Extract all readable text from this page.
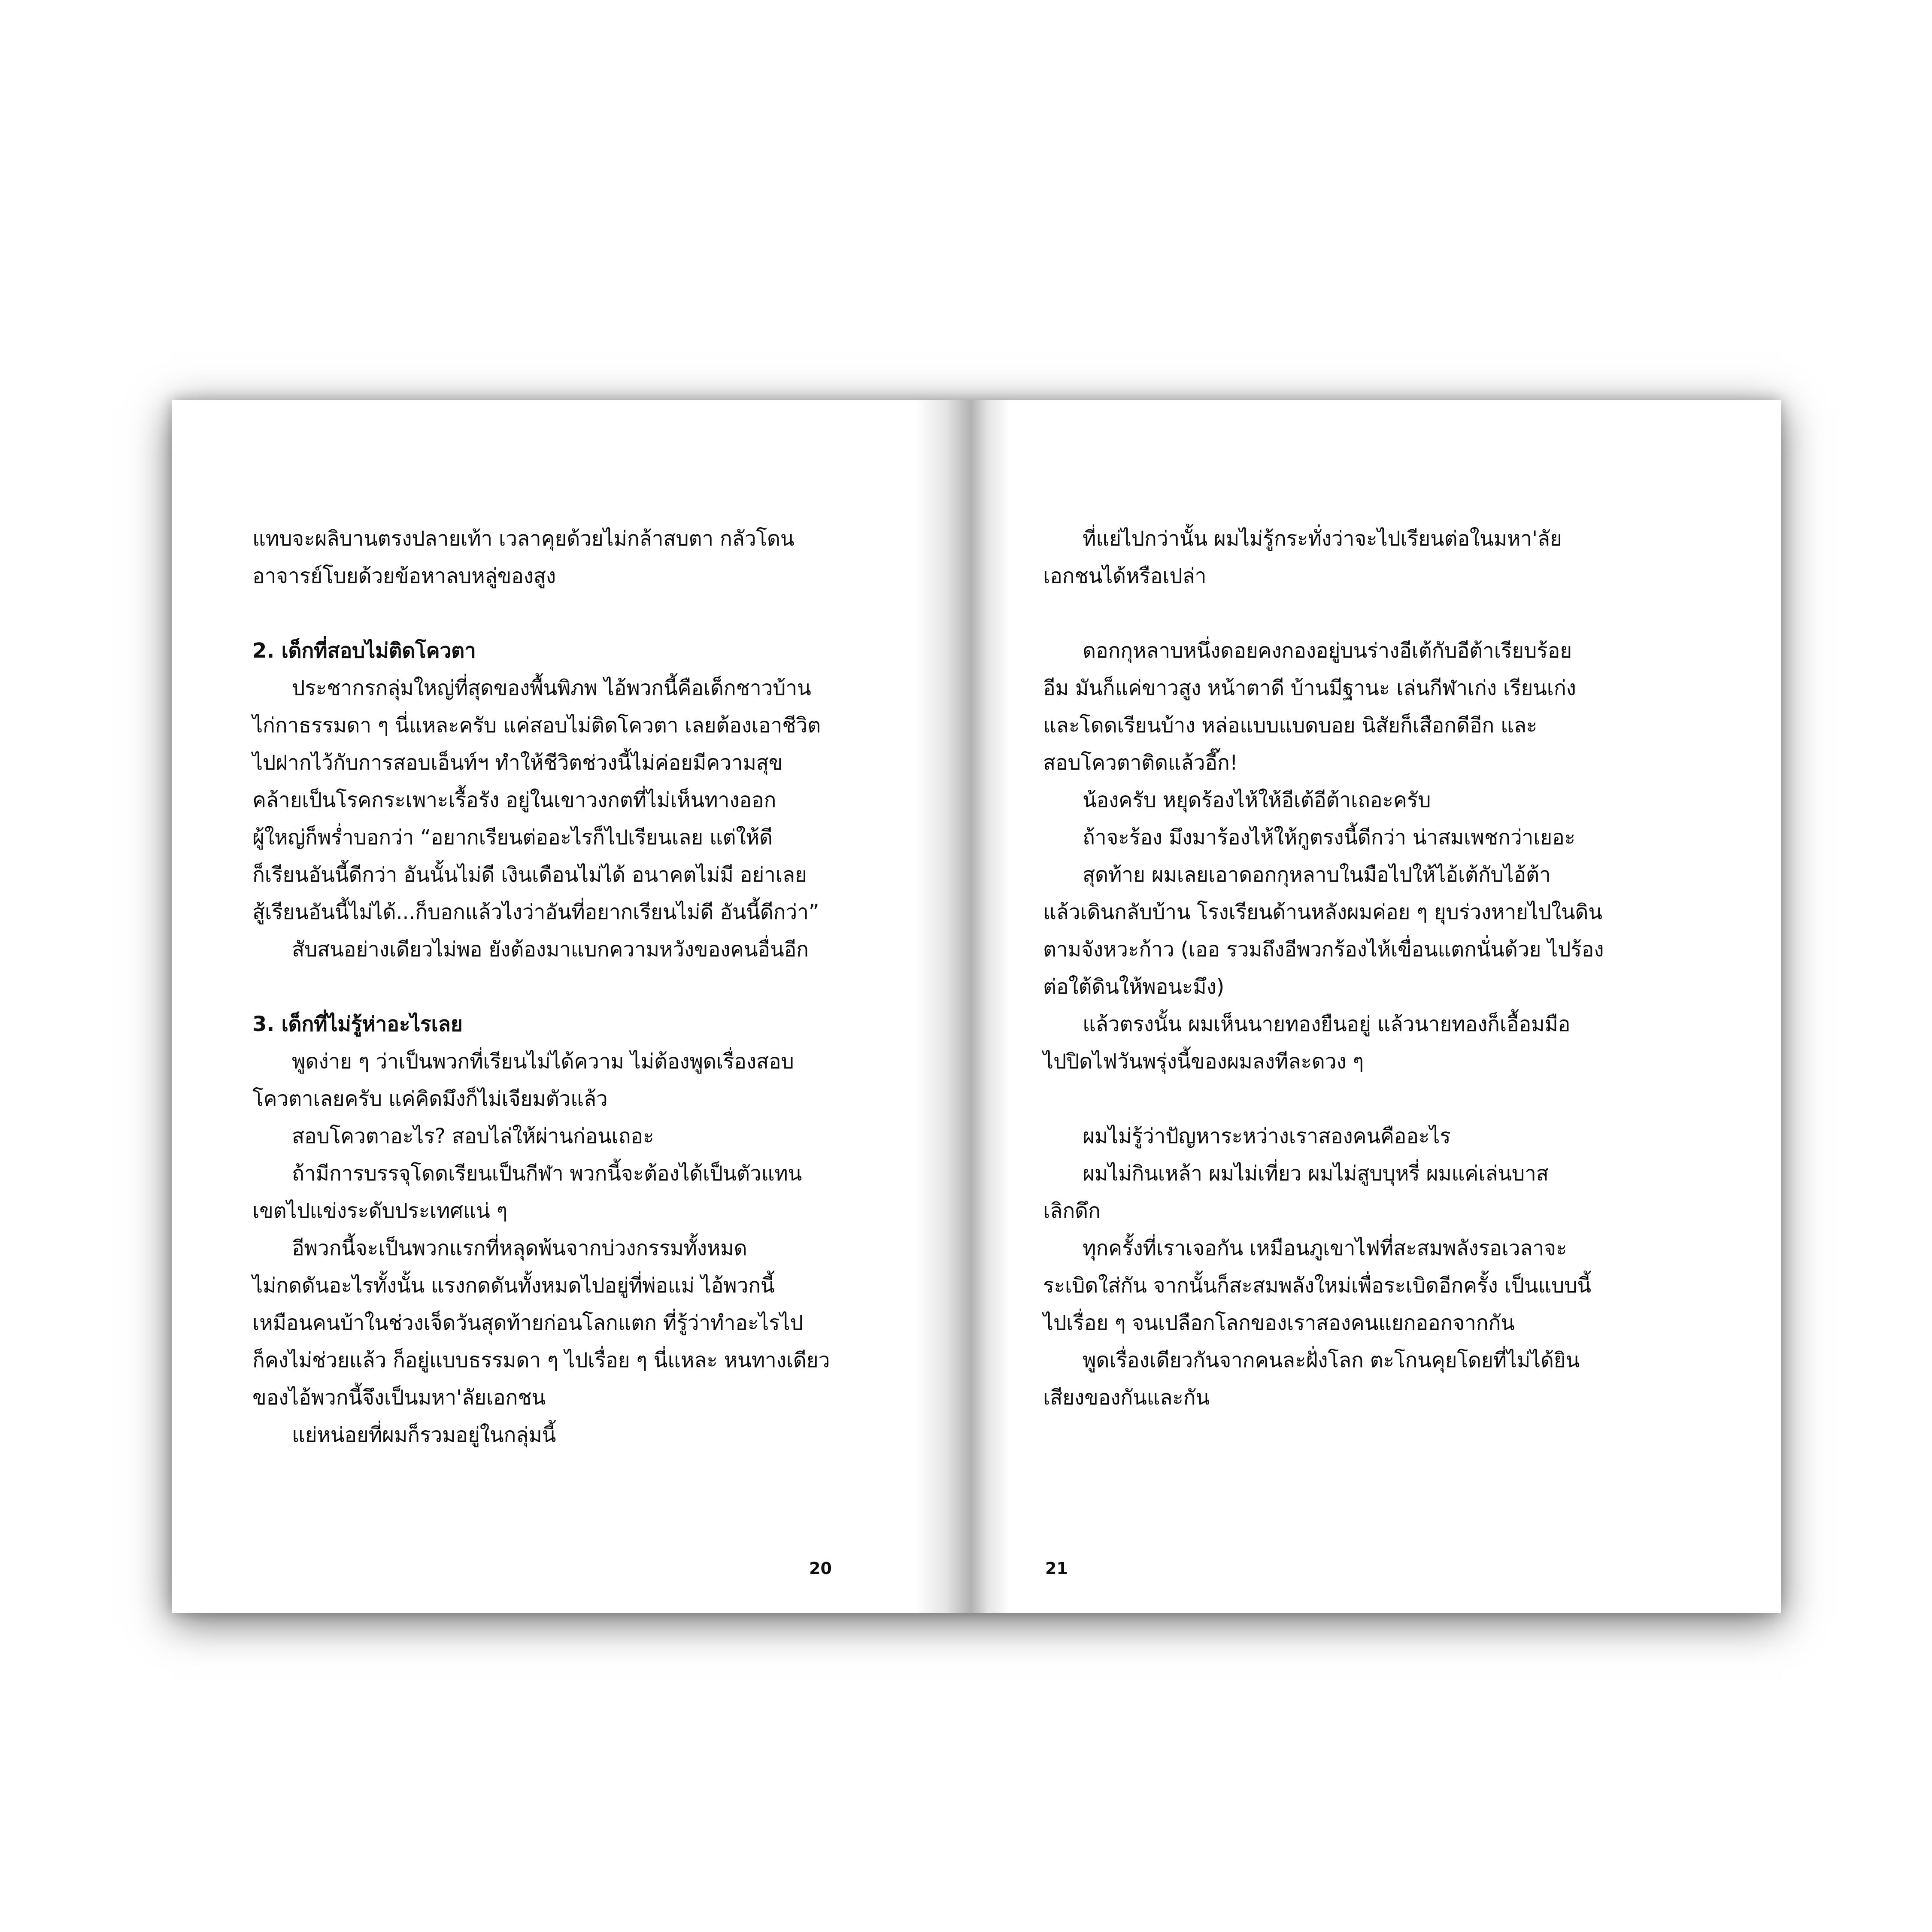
แทบจะผลิบานตรงปลายเท้า เวลาคุยด้วยไม่กล้าสบตา กลัวโดน
อาจารย์โบยด้วยข้อหาลบหลู่ของสูง
2. เด็กที่สอบไม่ติดโควตา
ประชากรกลุ่มใหญ่ที่สุดของพื้นพิภพ ไอ้พวกนี้คือเด็กชาวบ้าน
ไก่กาธรรมดา ๆ นี่แหละครับ แค่สอบไม่ติดโควตา เลยต้องเอาชีวิต
ไปฝากไว้กับการสอบเอ็นท์ฯ ทำให้ชีวิตช่วงนี้ไม่ค่อยมีความสุข
คล้ายเป็นโรคกระเพาะเรื้อรัง อยู่ในเขาวงกตที่ไม่เห็นทางออก
ผู้ใหญ่ก็พร่ำบอกว่า “อยากเรียนต่ออะไรก็ไปเรียนเลย แต่ให้ดี
ก็เรียนอันนี้ดีกว่า อันนั้นไม่ดี เงินเดือนไม่ได้ อนาคตไม่มี อย่าเลย
สู้เรียนอันนี้ไม่ได้...ก็บอกแล้วไงว่าอันที่อยากเรียนไม่ดี อันนี้ดีกว่า”
สับสนอย่างเดียวไม่พอ ยังต้องมาแบกความหวังของคนอื่นอีก
3. เด็กที่ไม่รู้ห่าอะไรเลย
พูดง่าย ๆ ว่าเป็นพวกที่เรียนไม่ได้ความ ไม่ต้องพูดเรื่องสอบ
โควตาเลยครับ แค่คิดมึงก็ไม่เจียมตัวแล้ว
สอบโควตาอะไร? สอบไล่ให้ผ่านก่อนเถอะ
ถ้ามีการบรรจุโดดเรียนเป็นกีฬา พวกนี้จะต้องได้เป็นตัวแทน
เขตไปแข่งระดับประเทศแน่ ๆ
อีพวกนี้จะเป็นพวกแรกที่หลุดพ้นจากบ่วงกรรมทั้งหมด
ไม่กดดันอะไรทั้งนั้น แรงกดดันทั้งหมดไปอยู่ที่พ่อแม่ ไอ้พวกนี้
เหมือนคนบ้าในช่วงเจ็ดวันสุดท้ายก่อนโลกแตก ที่รู้ว่าทำอะไรไป
ก็คงไม่ช่วยแล้ว ก็อยู่แบบธรรมดา ๆ ไปเรื่อย ๆ นี่แหละ หนทางเดียว
ของไอ้พวกนี้จึงเป็นมหา'ลัยเอกชน
แย่หน่อยที่ผมก็รวมอยู่ในกลุ่มนี้
20
ที่แย่ไปกว่านั้น ผมไม่รู้กระทั่งว่าจะไปเรียนต่อในมหา'ลัย
เอกชนได้หรือเปล่า
ดอกกุหลาบหนึ่งดอยคงกองอยู่บนร่างอีเต้กับอีต้าเรียบร้อย
อีม มันก็แค่ขาวสูง หน้าตาดี บ้านมีฐานะ เล่นกีฬาเก่ง เรียนเก่ง
และโดดเรียนบ้าง หล่อแบบแบดบอย นิสัยก็เสือกดีอีก และ
สอบโควตาติดแล้วอี๊ก!
น้องครับ หยุดร้องไห้ให้อีเต้อีต้าเถอะครับ
ถ้าจะร้อง มึงมาร้องไห้ให้กูตรงนี้ดีกว่า น่าสมเพชกว่าเยอะ
สุดท้าย ผมเลยเอาดอกกุหลาบในมือไปให้ไอ้เต้กับไอ้ต้า
แล้วเดินกลับบ้าน โรงเรียนด้านหลังผมค่อย ๆ ยุบร่วงหายไปในดิน
ตามจังหวะก้าว (เออ รวมถึงอีพวกร้องไห้เขื่อนแตกนั่นด้วย ไปร้อง
ต่อใต้ดินให้พอนะมึง)
แล้วตรงนั้น ผมเห็นนายทองยืนอยู่ แล้วนายทองก็เอื้อมมือ
ไปปิดไฟวันพรุ่งนี้ของผมลงทีละดวง ๆ
ผมไม่รู้ว่าปัญหาระหว่างเราสองคนคืออะไร
ผมไม่กินเหล้า ผมไม่เที่ยว ผมไม่สูบบุหรี่ ผมแค่เล่นบาส
เลิกดึก
ทุกครั้งที่เราเจอกัน เหมือนภูเขาไฟที่สะสมพลังรอเวลาจะ
ระเบิดใส่กัน จากนั้นก็สะสมพลังใหม่เพื่อระเบิดอีกครั้ง เป็นแบบนี้
ไปเรื่อย ๆ จนเปลือกโลกของเราสองคนแยกออกจากกัน
พูดเรื่องเดียวกันจากคนละฝั่งโลก ตะโกนคุยโดยที่ไม่ได้ยิน
เสียงของกันและกัน
21
